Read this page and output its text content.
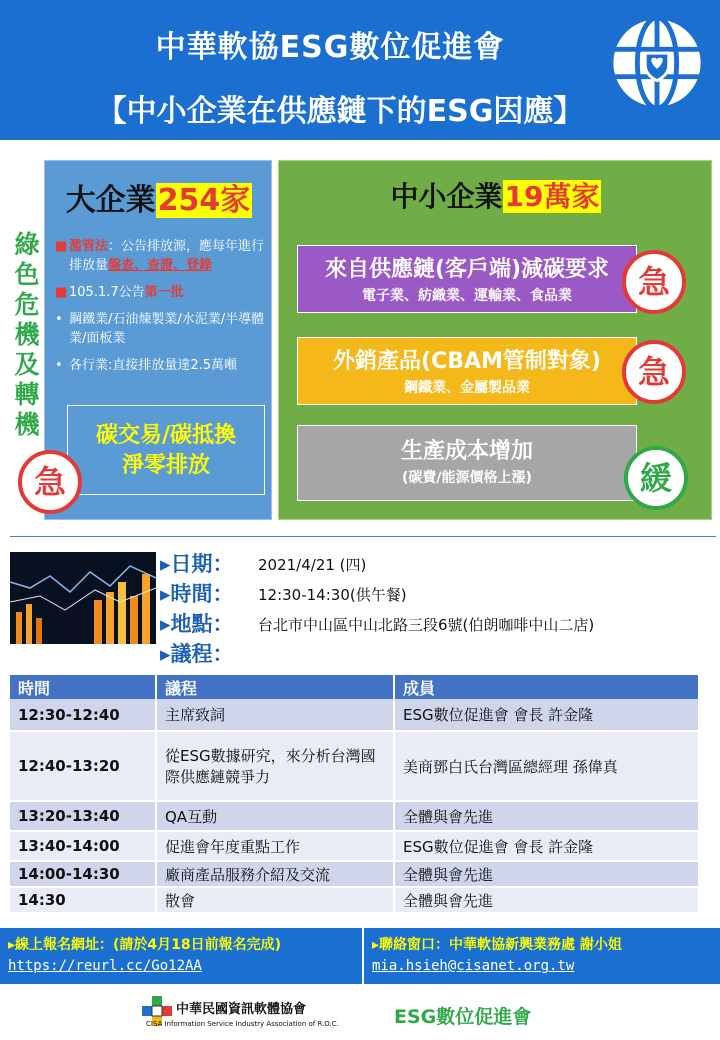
中華軟協ESG數位促進會
【中小企業在供應鏈下的ESG因應】
綠色危機及轉機
大企業254家
■ 濫管法：公告排放源，應每年進行排放量盤查、查證、登錄
■ 105.1.7公告第一批
• 鋼鐵業/石油煉製業/水泥業/半導體業/面板業
• 各行業:直接排放量達2.5萬噸
碳交易/碳抵換
淨零排放
急
中小企業19萬家
來自供應鏈(客戶端)減碳要求
電子業、紡織業、運輸業、食品業
外銷產品(CBAM管制對象)
鋼鐵業、金屬製品業
生產成本增加
(碳費/能源價格上漲)
急
急
緩
▸日期： 2021/4/21 (四)
▸時間： 12:30-14:30(供午餐)
▸地點： 台北市中山區中山北路三段6號(伯朗咖啡中山二店)
▸議程：
時間	議程	成員
12:30-12:40	主席致詞	ESG數位促進會 會長 許金隆
12:40-13:20	從ESG數據研究，來分析台灣國際供應鏈競爭力	美商鄧白氏台灣區總經理 孫偉真
13:20-13:40	QA互動	全體與會先進
13:40-14:00	促進會年度重點工作	ESG數位促進會 會長 許金隆
14:00-14:30	廠商產品服務介紹及交流	全體與會先進
14:30	散會	全體與會先進
▸線上報名網址：(請於4月18日前報名完成)
https://reurl.cc/Go12AA
▸聯絡窗口：中華軟協新興業務處 謝小姐
mia.hsieh@cisanet.org.tw
中華民國資訊軟體協會
CISA Information Service Industry Association of R.O.C.	ESG數位促進會
